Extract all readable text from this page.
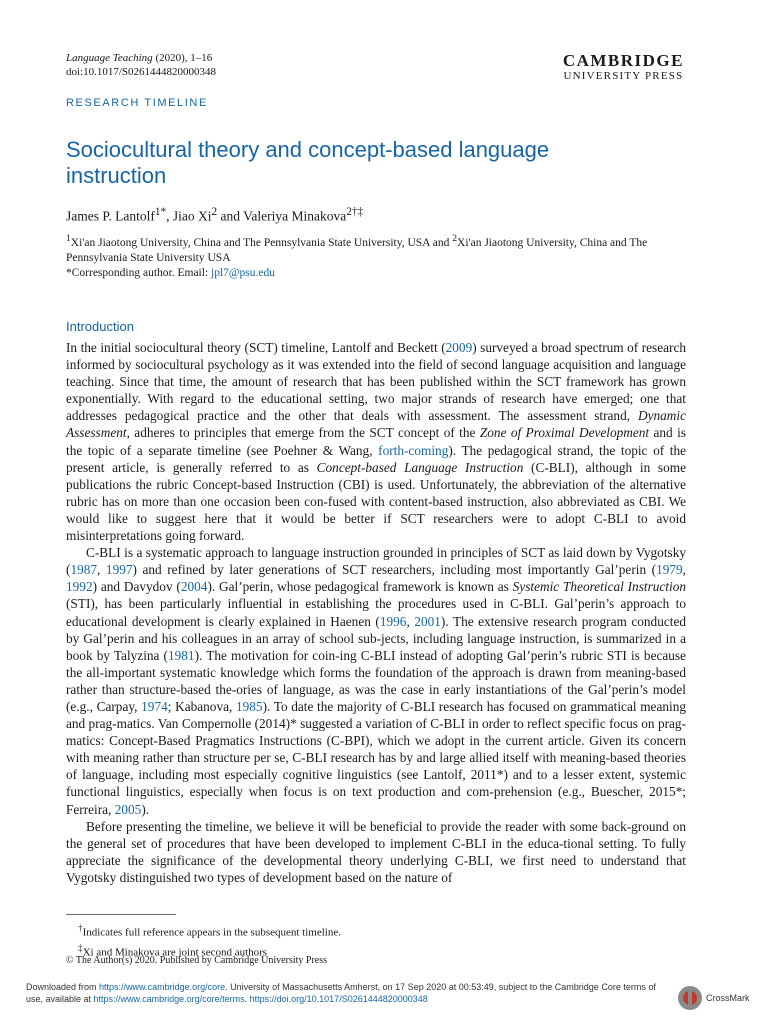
Language Teaching (2020), 1–16
doi:10.1017/S0261444820000348
CAMBRIDGE
UNIVERSITY PRESS
RESEARCH TIMELINE
Sociocultural theory and concept-based language instruction
James P. Lantolf$^{1*}$, Jiao Xi$^2$ and Valeriya Minakova$^{2\dagger\ddagger}$
$^1$Xi'an Jiaotong University, China and The Pennsylvania State University, USA and $^2$Xi'an Jiaotong University, China and The Pennsylvania State University USA
*Corresponding author. Email: jpl7@psu.edu
Introduction

In the initial sociocultural theory (SCT) timeline, Lantolf and Beckett (2009) surveyed a broad spectrum of research informed by sociocultural psychology as it was extended into the field of second language acquisition and language teaching. Since that time, the amount of research that has been published within the SCT framework has grown exponentially. With regard to the educational setting, two major strands of research have emerged; one that addresses pedagogical practice and the other that deals with assessment. The assessment strand, Dynamic Assessment, adheres to principles that emerge from the SCT concept of the Zone of Proximal Development and is the topic of a separate timeline (see Poehner & Wang, forth-coming). The pedagogical strand, the topic of the present article, is generally referred to as Concept-based Language Instruction (C-BLI), although in some publications the rubric Concept-based Instruction (CBI) is used. Unfortunately, the abbreviation of the alternative rubric has on more than one occasion been con-fused with content-based instruction, also abbreviated as CBI. We would like to suggest here that it would be better if SCT researchers were to adopt C-BLI to avoid misinterpretations going forward.

C-BLI is a systematic approach to language instruction grounded in principles of SCT as laid down by Vygotsky (1987, 1997) and refined by later generations of SCT researchers, including most importantly Gal’perin (1979, 1992) and Davydov (2004). Gal’perin, whose pedagogical framework is known as Systemic Theoretical Instruction (STI), has been particularly influential in establishing the procedures used in C-BLI. Gal’perin’s approach to educational development is clearly explained in Haenen (1996, 2001). The extensive research program conducted by Gal’perin and his colleagues in an array of school sub-jects, including language instruction, is summarized in a book by Talyzina (1981). The motivation for coin-ing C-BLI instead of adopting Gal’perin’s rubric STI is because the all-important systematic knowledge which forms the foundation of the approach is drawn from meaning-based rather than structure-based the-ories of language, as was the case in early instantiations of the Gal’perin’s model (e.g., Carpay, 1974; Kabanova, 1985). To date the majority of C-BLI research has focused on grammatical meaning and prag-matics. Van Compernolle (2014)* suggested a variation of C-BLI in order to reflect specific focus on prag-matics: Concept-Based Pragmatics Instructions (C-BPI), which we adopt in the current article. Given its concern with meaning rather than structure per se, C-BLI research has by and large allied itself with meaning-based theories of language, including most especially cognitive linguistics (see Lantolf, 2011*) and to a lesser extent, systemic functional linguistics, especially when focus is on text production and com-prehension (e.g., Buescher, 2015*; Ferreira, 2005).

Before presenting the timeline, we believe it will be beneficial to provide the reader with some back-ground on the general set of procedures that have been developed to implement C-BLI in the educa-tional setting. To fully appreciate the significance of the developmental theory underlying C-BLI, we first need to understand that Vygotsky distinguished two types of development based on the nature of

†Indicates full reference appears in the subsequent timeline.
‡Xi and Minakova are joint second authors
© The Author(s) 2020. Published by Cambridge University Press
Downloaded from https://www.cambridge.org/core. University of Massachusetts Amherst, on 17 Sep 2020 at 00:53:49, subject to the Cambridge Core terms of use, available at https://www.cambridge.org/core/terms. https://doi.org/10.1017/S0261444820000348	CrossMark
